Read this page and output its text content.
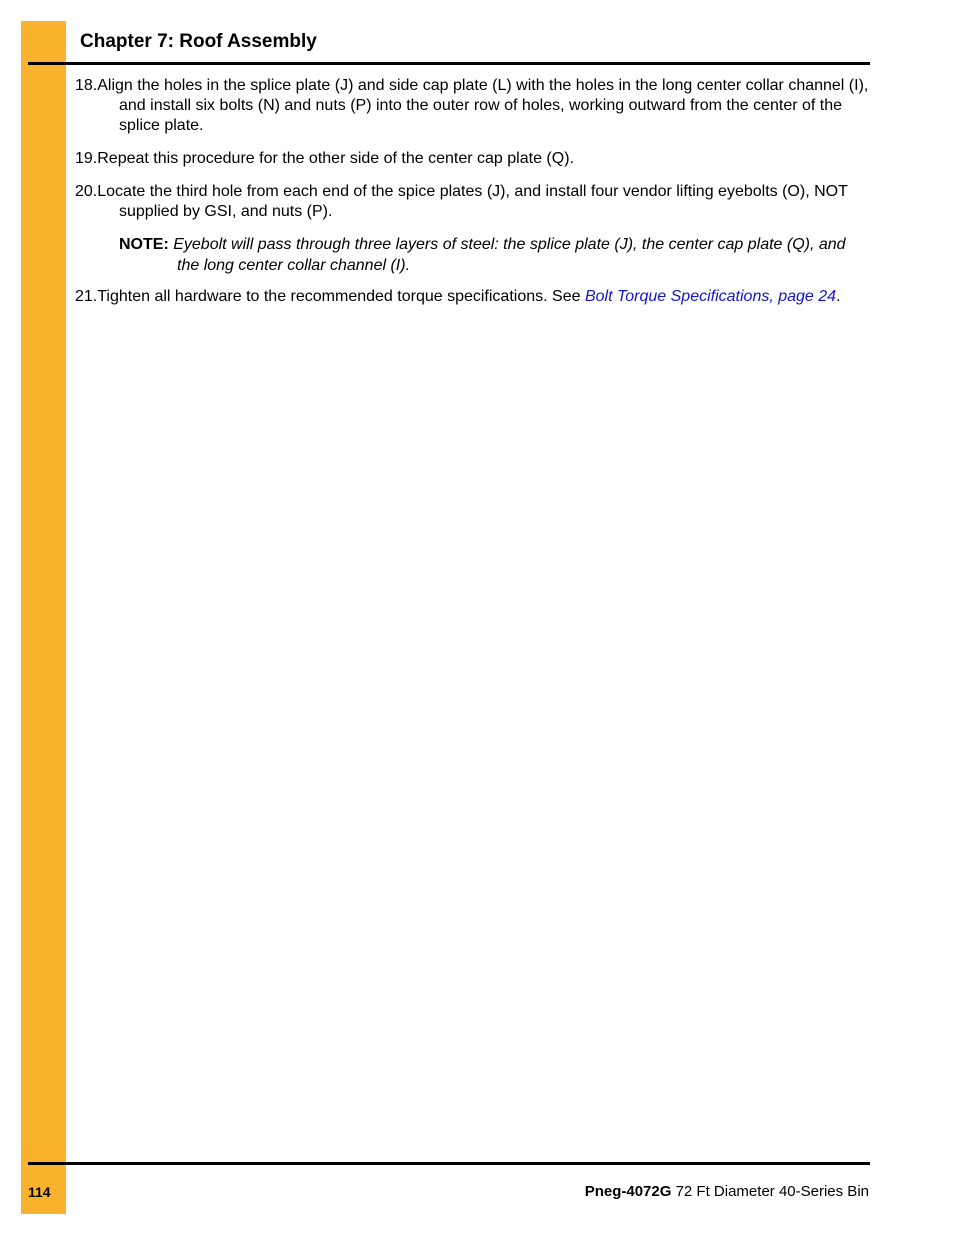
Chapter 7: Roof Assembly
18.Align the holes in the splice plate (J) and side cap plate (L) with the holes in the long center collar channel (I), and install six bolts (N) and nuts (P) into the outer row of holes, working outward from the center of the splice plate.
19.Repeat this procedure for the other side of the center cap plate (Q).
20.Locate the third hole from each end of the spice plates (J), and install four vendor lifting eyebolts (O), NOT supplied by GSI, and nuts (P).
NOTE: Eyebolt will pass through three layers of steel: the splice plate (J), the center cap plate (Q), and the long center collar channel (I).
21.Tighten all hardware to the recommended torque specifications. See Bolt Torque Specifications, page 24.
114	Pneg-4072G 72 Ft Diameter 40-Series Bin
